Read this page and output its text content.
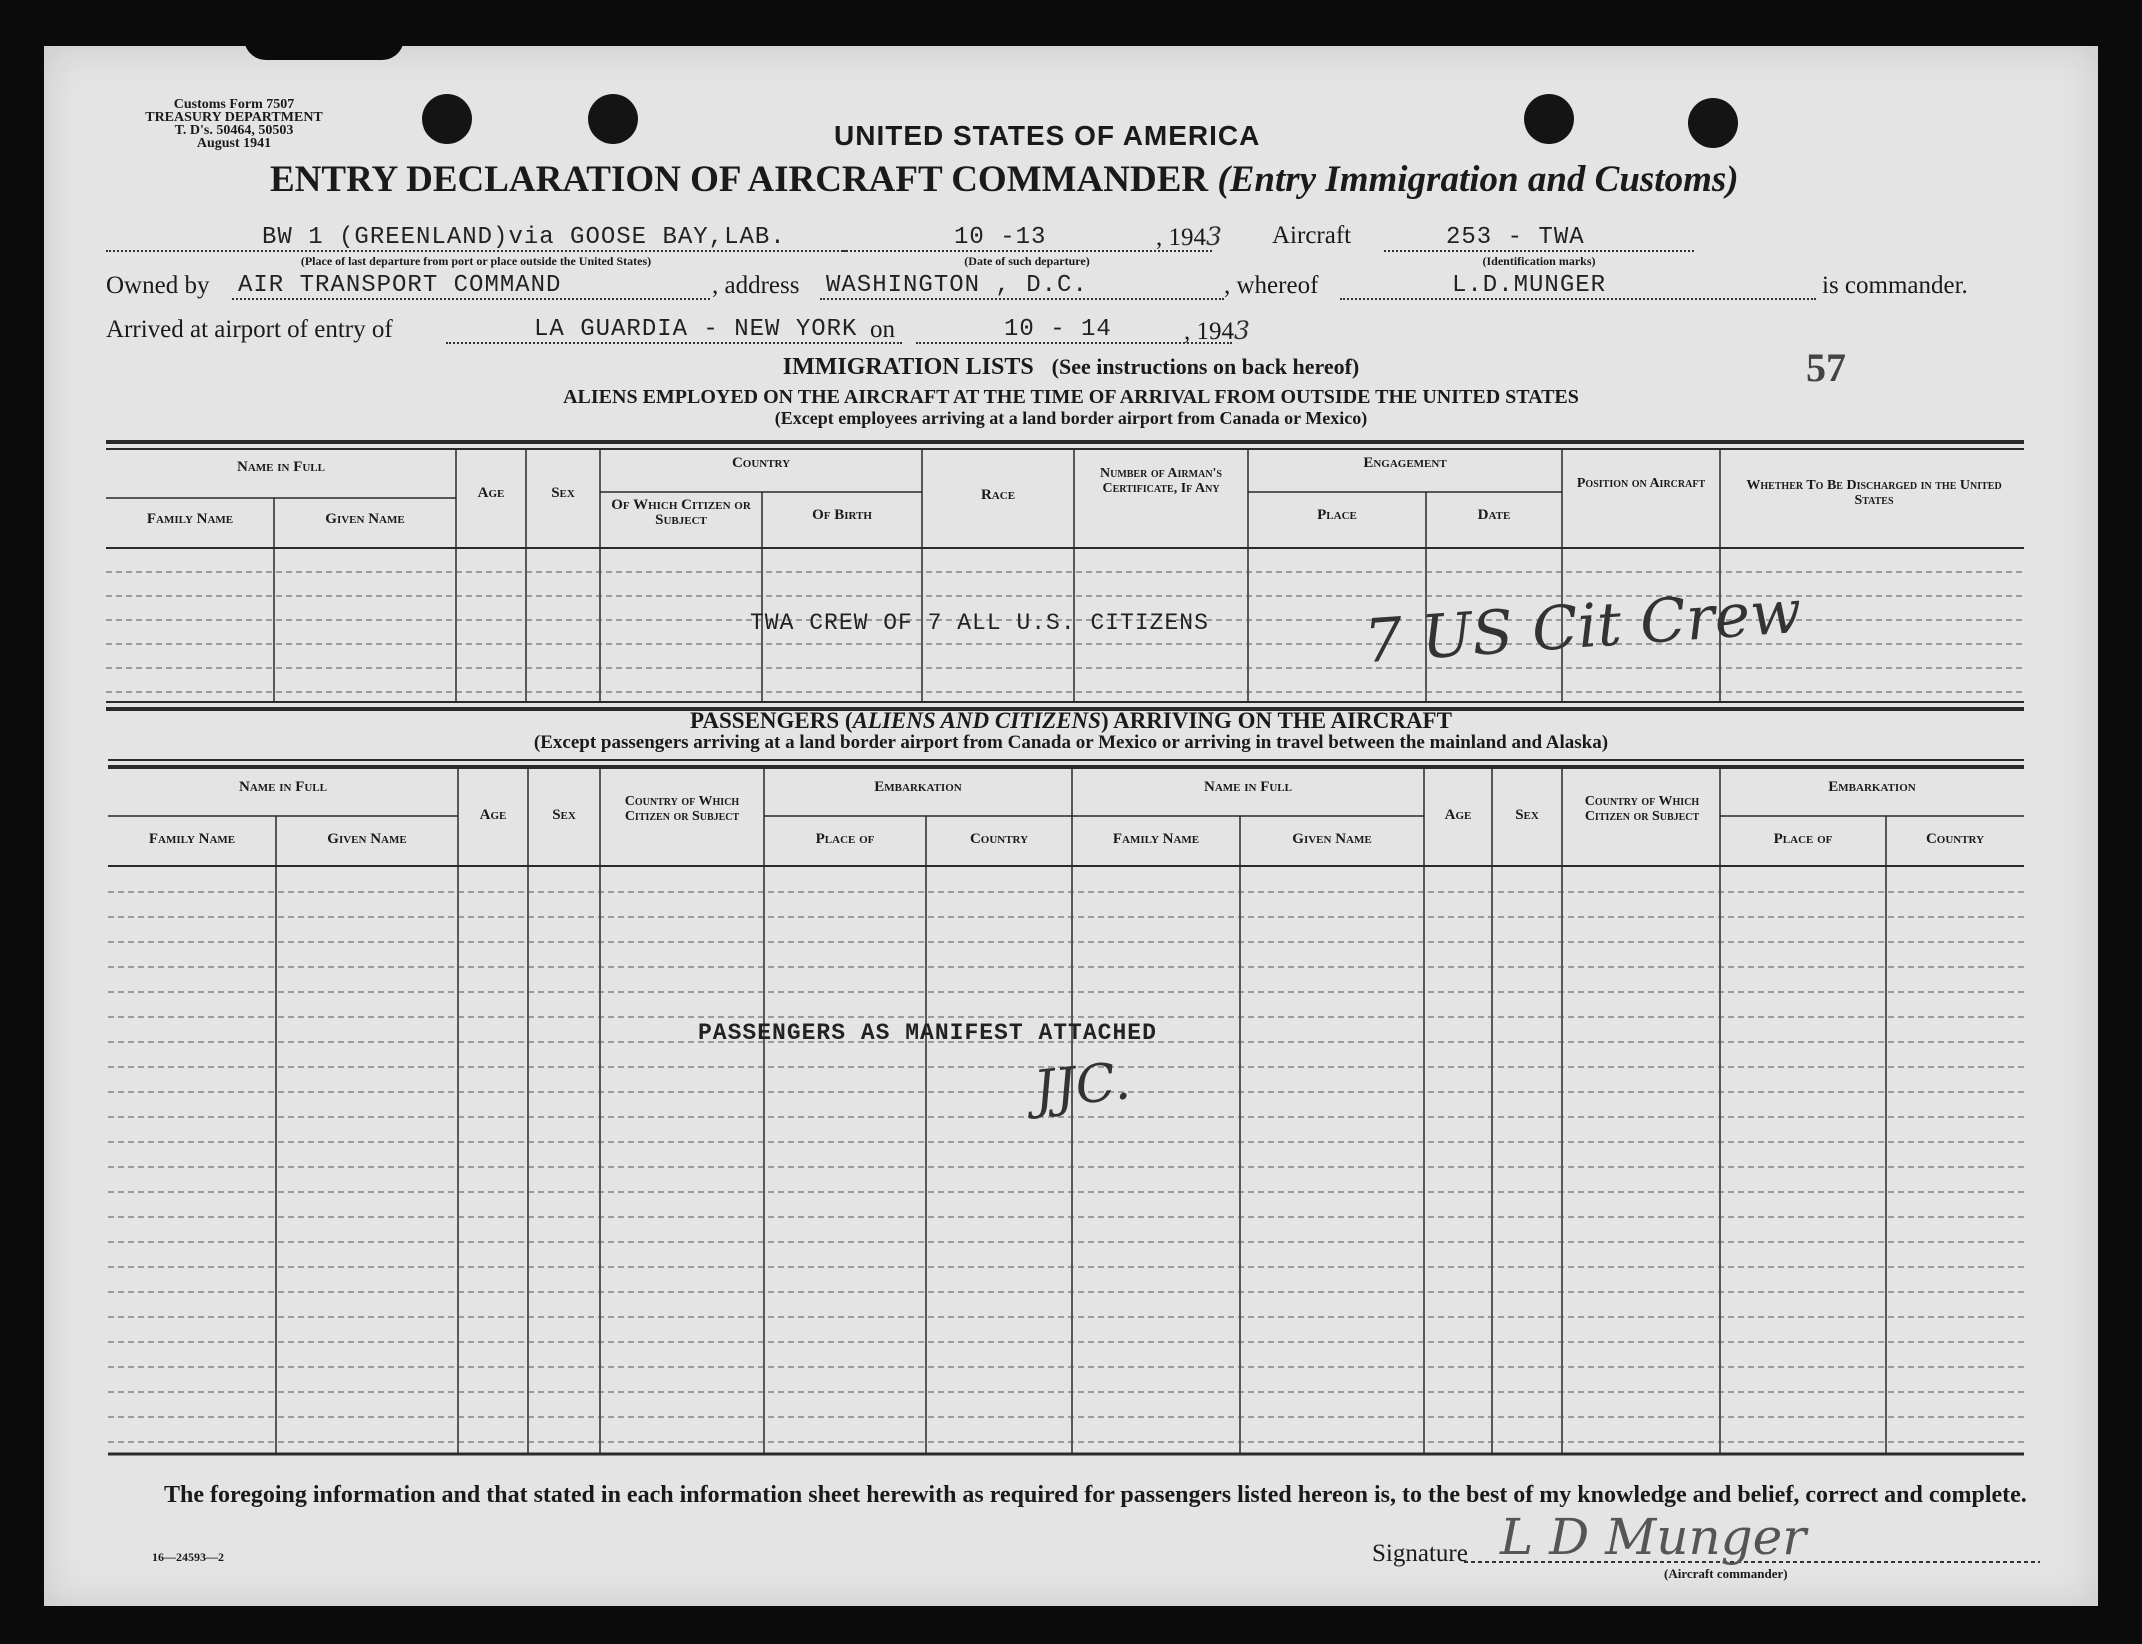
Customs Form 7507
TREASURY DEPARTMENT
T. D's. 50464, 50503
August 1941	UNITED STATES OF AMERICA
ENTRY DECLARATION OF AIRCRAFT COMMANDER (Entry Immigration and Customs)
BW 1 (GREENLAND)via GOOSE BAY,LAB.
(Place of last departure from port or place outside the United States)
10 -13
(Date of such departure)
, 1943 Aircraft	253 - TWA
(Identification marks)
Owned by AIR TRANSPORT COMMAND	, address WASHINGTON , D.C.	, whereof	L.D.MUNGER	is commander.
Arrived at airport of entry of	LA GUARDIA - NEW YORK on	10 - 14	, 1943
57
IMMIGRATION LISTS (See instructions on back hereof)
ALIENS EMPLOYED ON THE AIRCRAFT AT THE TIME OF ARRIVAL FROM OUTSIDE THE UNITED STATES
(Except employees arriving at a land border airport from Canada or Mexico)
Name in Full
Family Name	Given Name
Age	Sex
Country
Of Which Citizen or Subject	Of Birth
Race
Number of Airman's Certificate, If Any
Engagement
Place	Date
Position on Aircraft	Whether To Be Discharged in the United States
TWA CREW OF 7 ALL U.S. CITIZENS	7 US Cit Crew
PASSENGERS (ALIENS AND CITIZENS) ARRIVING ON THE AIRCRAFT
(Except passengers arriving at a land border airport from Canada or Mexico or arriving in travel between the mainland and Alaska)
Name in Full
Family Name	Given Name
Age	Sex
Country of Which Citizen or Subject
Embarkation
Place of	Country
Name in Full
Family Name	Given Name
Age	Sex
Country of Which Citizen or Subject
Embarkation
Place of	Country
PASSENGERS AS MANIFEST ATTACHED
JJC.
The foregoing information and that stated in each information sheet herewith as required for passengers listed hereon is, to the best of my knowledge and belief, correct and complete.
16—24593—2	Signature L D Munger
(Aircraft commander)
